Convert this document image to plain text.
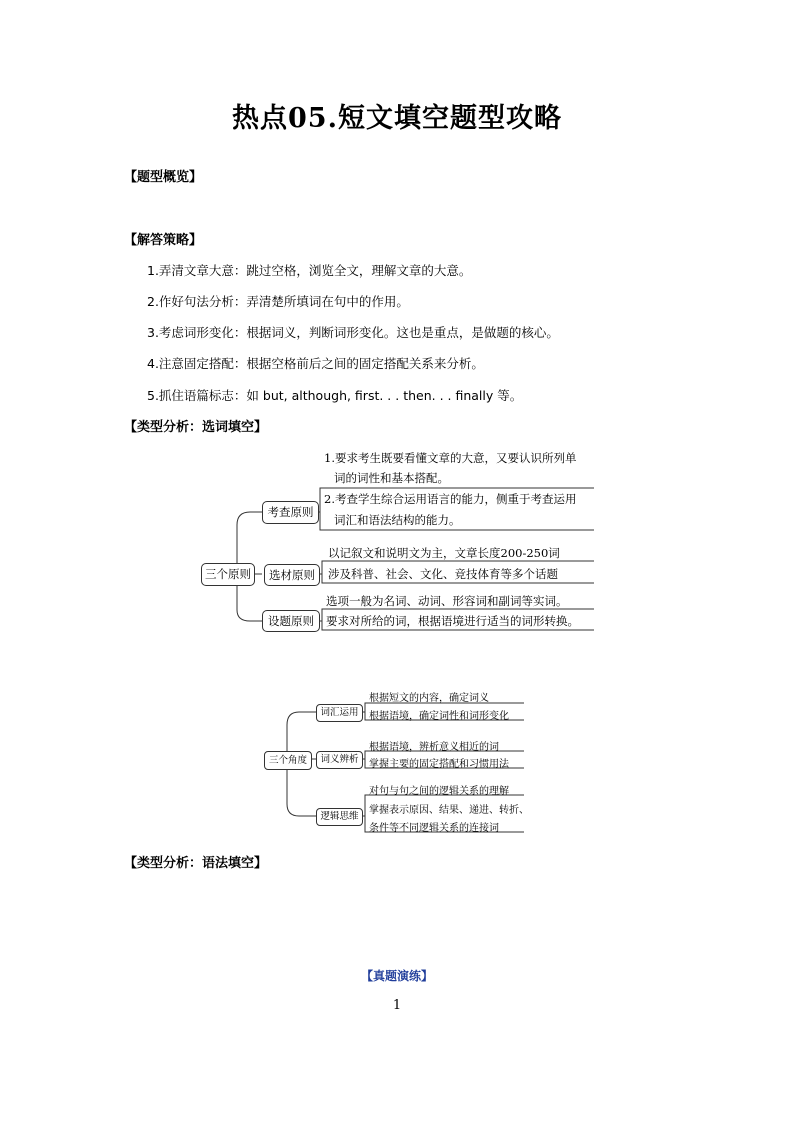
热点05.短文填空题型攻略
【题型概览】
【解答策略】
1.弄清文章大意：跳过空格，浏览全文，理解文章的大意。
2.作好句法分析：弄清楚所填词在句中的作用。
3.考虑词形变化：根据词义，判断词形变化。这也是重点，是做题的核心。
4.注意固定搭配：根据空格前后之间的固定搭配关系来分析。
5.抓住语篇标志：如 but, although, first. . . then. . . finally 等。
【类型分析：选词填空】
三个原则
考查原则
选材原则
设题原则
1.要求考生既要看懂文章的大意，又要认识所列单
词的词性和基本搭配。
2.考查学生综合运用语言的能力，侧重于考查运用
词汇和语法结构的能力。
以记叙文和说明文为主，文章长度200-250词
涉及科普、社会、文化、竞技体育等多个话题
选项一般为名词、动词、形容词和副词等实词。
要求对所给的词，根据语境进行适当的词形转换。
三个角度
词汇运用
词义辨析
逻辑思维
根据短文的内容，确定词义
根据语境，确定词性和词形变化
根据语境，辨析意义相近的词
掌握主要的固定搭配和习惯用法
对句与句之间的逻辑关系的理解
掌握表示原因、结果、递进、转折、
条件等不同逻辑关系的连接词
【类型分析：语法填空】
【真题演练】
1
